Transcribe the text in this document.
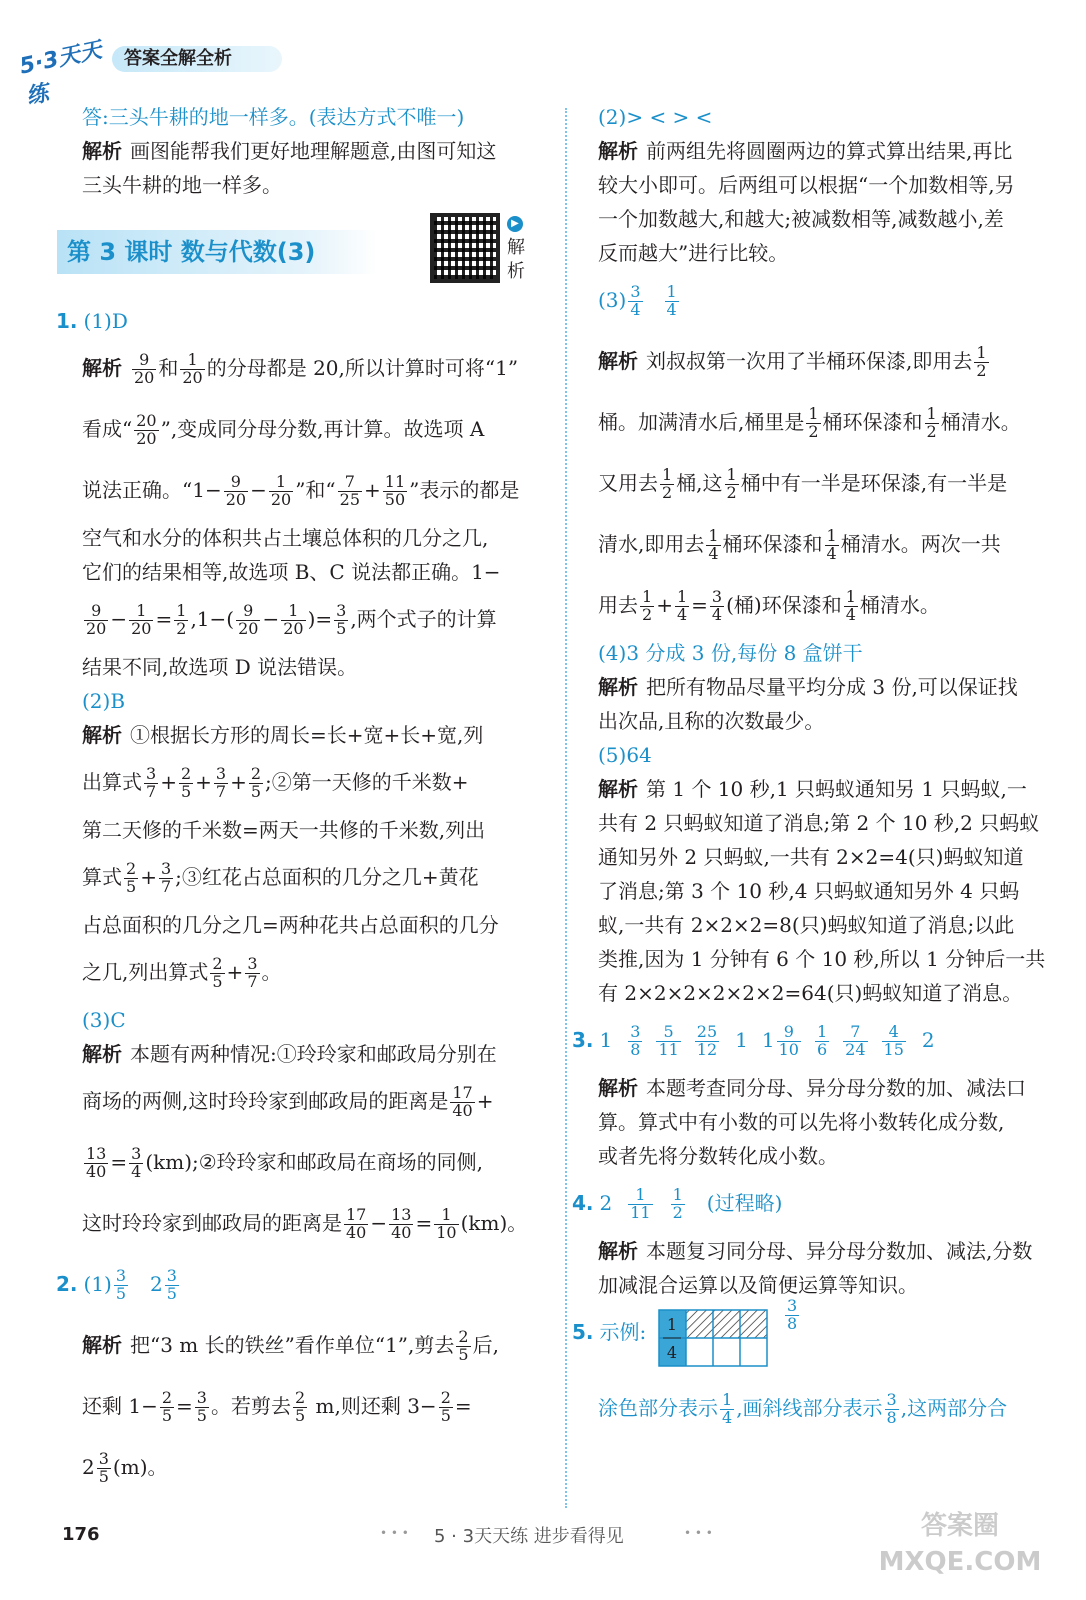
5·3天天练
答案全解全析
第 3 课时 数与代数(3)
▶
解
析
答:三头牛耕的地一样多。(表达方式不唯一)
解析 画图能帮我们更好地理解题意,由图可知这
三头牛耕的地一样多。
1. (1)D
解析 $\frac{9}{20}$ 和 $\frac{1}{20}$ 的分母都是 20,所以计算时可将“1”
看成“ $\frac{20}{20}$ ”,变成同分母分数,再计算。故选项 A
说法正确。“$1- \frac{9}{20} - \frac{1}{20}$ ”和“ $\frac{7}{25} + \frac{11}{50}$ ”表示的都是
空气和水分的体积共占土壤总体积的几分之几,
它们的结果相等,故选项 B、C 说法都正确。1−
$\frac{9}{20} - \frac{1}{20} = \frac{1}{2} ,1-( \frac{9}{20} - \frac{1}{20}$ )= $\frac{3}{5}$ ,两个式子的计算
结果不同,故选项 D 说法错误。
(2)B
解析 ①根据长方形的周长=长+宽+长+宽,列
出算式 $\frac{3}{7} + \frac{2}{5} + \frac{3}{7} + \frac{2}{5}$ ;②第一天修的千米数+
第二天修的千米数=两天一共修的千米数,列出
算式 $\frac{2}{5} + \frac{3}{7}$ ;③红花占总面积的几分之几+黄花
占总面积的几分之几=两种花共占总面积的几分
之几,列出算式 $\frac{2}{5} + \frac{3}{7}$ 。
(3)C
解析 本题有两种情况:①玲玲家和邮政局分别在
商场的两侧,这时玲玲家到邮政局的距离是 $\frac{17}{40}$ +
$\frac{13}{40} = \frac{3}{4}$ (km);②玲玲家和邮政局在商场的同侧,
这时玲玲家到邮政局的距离是 $\frac{17}{40} - \frac{13}{40} = \frac{1}{10} (km)$。
2. $(1) \frac{3}{5} 2 \frac{3}{5}$
解析 把“3 m 长的铁丝”看作单位“1”,剪去 $\frac{2}{5}$ 后,
还剩 $1- \frac{2}{5} = \frac{3}{5}$ 。若剪去 $\frac{2}{5} m$,则还剩 $3- \frac{2}{5}$ =
$2 \frac{3}{5} (m)$。
(2)> < > <
解析 前两组先将圆圈两边的算式算出结果,再比
较大小即可。后两组可以根据“一个加数相等,另
一个加数越大,和越大;被减数相等,减数越小,差
反而越大”进行比较。
$(3) \frac{3}{4} \frac{1}{4}$
解析 刘叔叔第一次用了半桶环保漆,即用去 $\frac{1}{2}$
桶。加满清水后,桶里是 $\frac{1}{2}$ 桶环保漆和 $\frac{1}{2}$ 桶清水。
又用去 $\frac{1}{2}$ 桶,这 $\frac{1}{2}$ 桶中有一半是环保漆,有一半是
清水,即用去 $\frac{1}{4}$ 桶环保漆和 $\frac{1}{4}$ 桶清水。两次一共
用去 $\frac{1}{2} + \frac{1}{4} = \frac{3}{4}$ (桶)环保漆和 $\frac{1}{4}$ 桶清水。
(4)3 分成 3 份,每份 8 盒饼干
解析 把所有物品尽量平均分成 3 份,可以保证找
出次品,且称的次数最少。
(5)64
解析 第 1 个 10 秒,1 只蚂蚁通知另 1 只蚂蚁,一
共有 2 只蚂蚁知道了消息;第 2 个 10 秒,2 只蚂蚁
通知另外 2 只蚂蚁,一共有 2×2=4(只)蚂蚁知道
了消息;第 3 个 10 秒,4 只蚂蚁通知另外 4 只蚂
蚁,一共有 2×2×2=8(只)蚂蚁知道了消息;以此
类推,因为 1 分钟有 6 个 10 秒,所以 1 分钟后一共
有 2×2×2×2×2×2=64(只)蚂蚁知道了消息。
3. $1 \frac{3}{8} \frac{5}{11} \frac{25}{12} 1$ $1 \frac{9}{10} \frac{1}{6} \frac{7}{24} \frac{4}{15} 2$
解析 本题考查同分母、异分母分数的加、减法口
算。算式中有小数的可以先将小数转化成分数,
或者先将分数转化成小数。
4. $2 \frac{1}{11} \frac{1}{2}$ (过程略)
解析 本题复习同分母、异分母分数加、减法,分数
加减混合运算以及简便运算等知识。
5. 示例: 1
4

$\frac{3}{8}$
涂色部分表示 $\frac{1}{4}$ ,画斜线部分表示 $\frac{3}{8}$ ,这两部分合
176	• • • 5 · 3天天练 进步看得见	• • •	答案圈 MXQE.COM
